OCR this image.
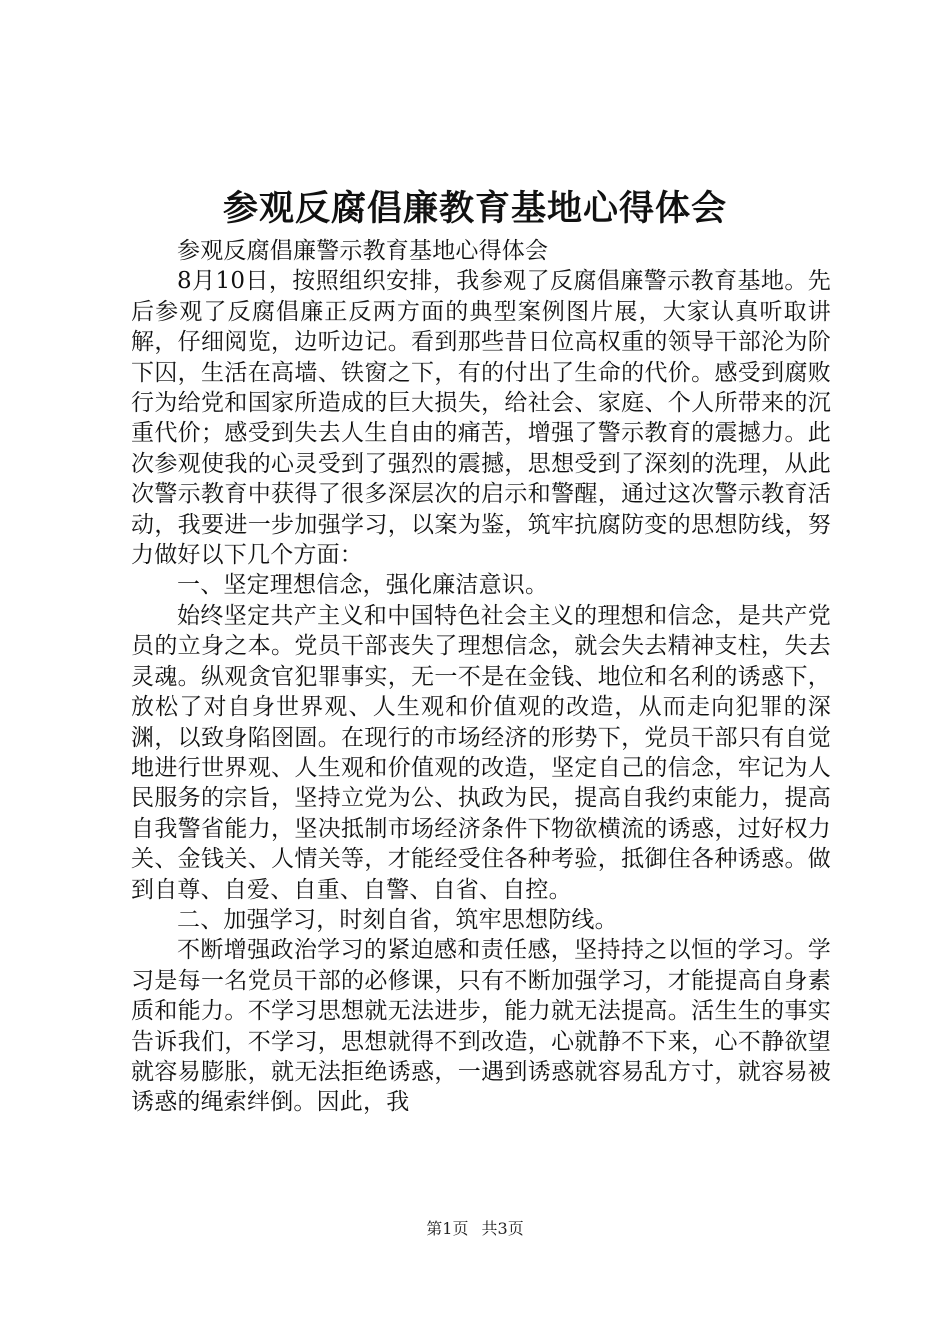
参观反腐倡廉教育基地心得体会

参观反腐倡廉警示教育基地心得体会

8月10日，按照组织安排，我参观了反腐倡廉警示教育基地。先后参观了反腐倡廉正反两方面的典型案例图片展，大家认真听取讲解，仔细阅览，边听边记。看到那些昔日位高权重的领导干部沦为阶下囚，生活在高墙、铁窗之下，有的付出了生命的代价。感受到腐败行为给党和国家所造成的巨大损失，给社会、家庭、个人所带来的沉重代价；感受到失去人生自由的痛苦，增强了警示教育的震撼力。此次参观使我的心灵受到了强烈的震撼，思想受到了深刻的洗理，从此次警示教育中获得了很多深层次的启示和警醒，通过这次警示教育活动，我要进一步加强学习，以案为鉴，筑牢抗腐防变的思想防线，努力做好以下几个方面：

一、坚定理想信念，强化廉洁意识。

始终坚定共产主义和中国特色社会主义的理想和信念，是共产党员的立身之本。党员干部丧失了理想信念，就会失去精神支柱，失去灵魂。纵观贪官犯罪事实，无一不是在金钱、地位和名利的诱惑下，放松了对自身世界观、人生观和价值观的改造，从而走向犯罪的深渊，以致身陷囹圄。在现行的市场经济的形势下，党员干部只有自觉地进行世界观、人生观和价值观的改造，坚定自己的信念，牢记为人民服务的宗旨，坚持立党为公、执政为民，提高自我约束能力，提高自我警省能力，坚决抵制市场经济条件下物欲横流的诱惑，过好权力关、金钱关、人情关等，才能经受住各种考验，抵御住各种诱惑。做到自尊、自爱、自重、自警、自省、自控。

二、加强学习，时刻自省，筑牢思想防线。

不断增强政治学习的紧迫感和责任感，坚持持之以恒的学习。学习是每一名党员干部的必修课，只有不断加强学习，才能提高自身素质和能力。不学习思想就无法进步，能力就无法提高。活生生的事实告诉我们，不学习，思想就得不到改造，心就静不下来，心不静欲望就容易膨胀，就无法拒绝诱惑，一遇到诱惑就容易乱方寸，就容易被诱惑的绳索绊倒。因此，我

第1页 共3页
